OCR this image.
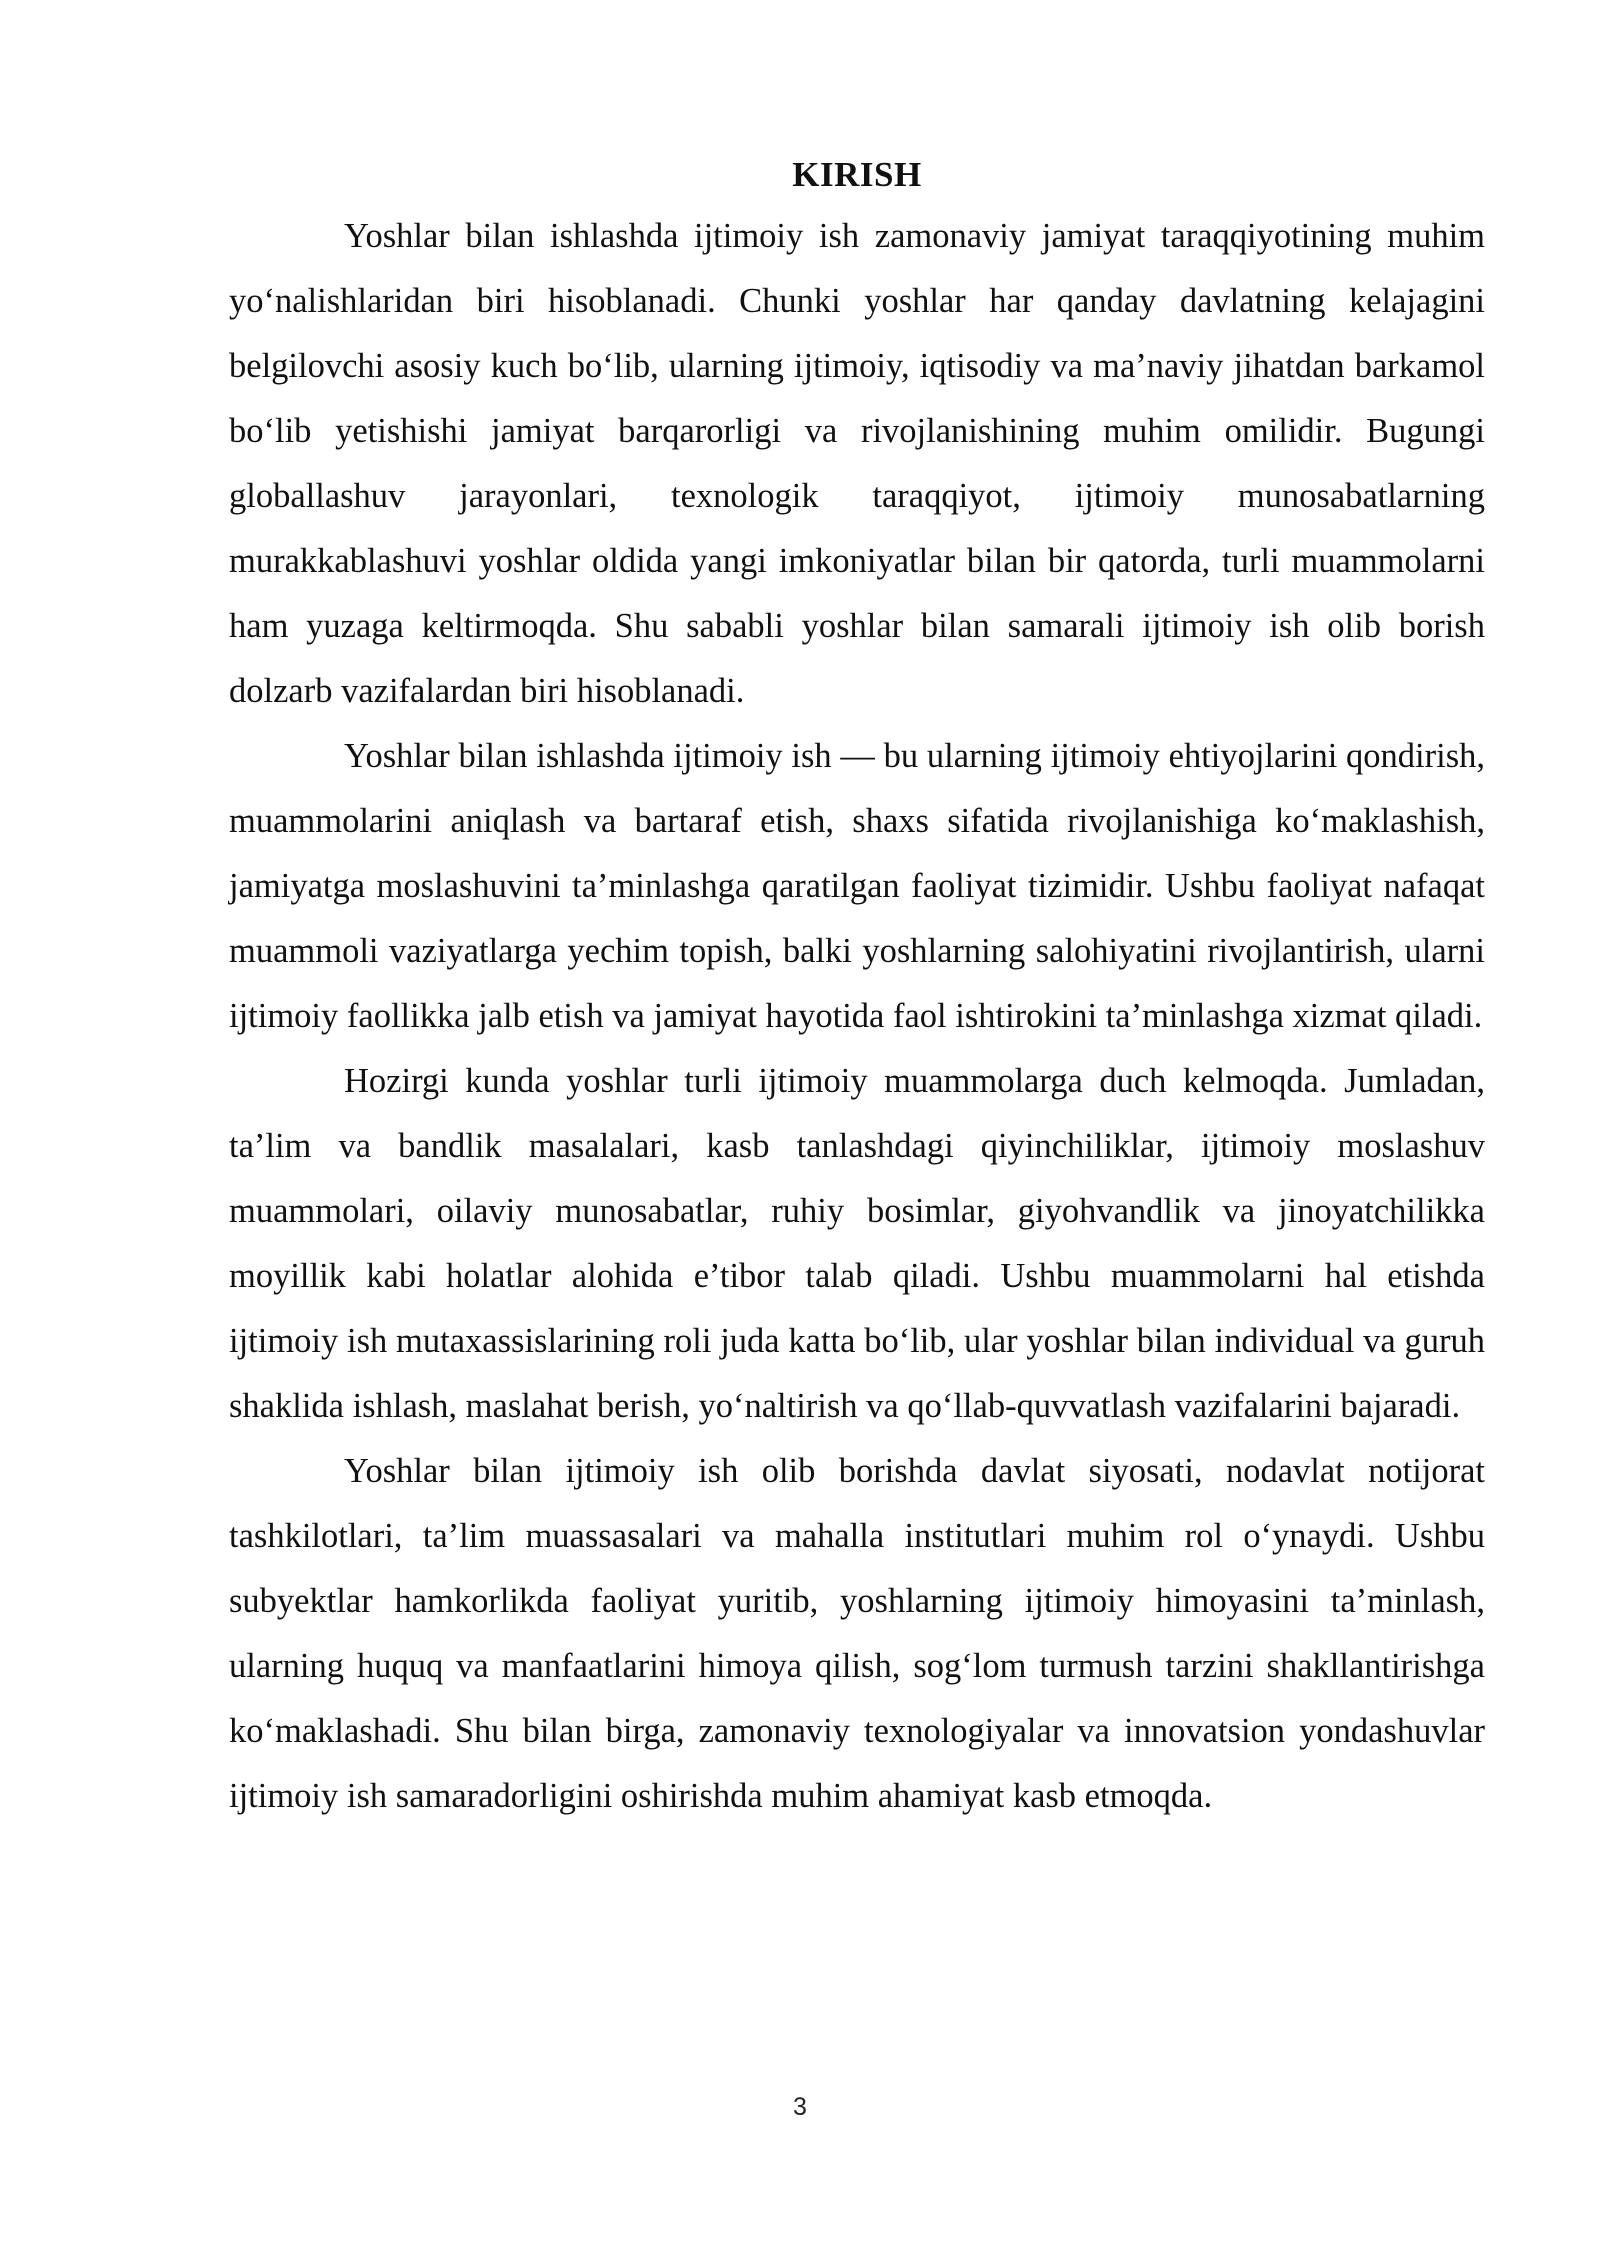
KIRISH

Yoshlar bilan ishlashda ijtimoiy ish zamonaviy jamiyat taraqqiyotining muhim yo‘nalishlaridan biri hisoblanadi. Chunki yoshlar har qanday davlatning kelajagini belgilovchi asosiy kuch bo‘lib, ularning ijtimoiy, iqtisodiy va ma’naviy jihatdan barkamol bo‘lib yetishishi jamiyat barqarorligi va rivojlanishining muhim omilidir. Bugungi globallashuv jarayonlari, texnologik taraqqiyot, ijtimoiy munosabatlarning murakkablashuvi yoshlar oldida yangi imkoniyatlar bilan bir qatorda, turli muammolarni ham yuzaga keltirmoqda. Shu sababli yoshlar bilan samarali ijtimoiy ish olib borish dolzarb vazifalardan biri hisoblanadi.

Yoshlar bilan ishlashda ijtimoiy ish — bu ularning ijtimoiy ehtiyojlarini qondirish, muammolarini aniqlash va bartaraf etish, shaxs sifatida rivojlanishiga ko‘maklashish, jamiyatga moslashuvini ta’minlashga qaratilgan faoliyat tizimidir. Ushbu faoliyat nafaqat muammoli vaziyatlarga yechim topish, balki yoshlarning salohiyatini rivojlantirish, ularni ijtimoiy faollikka jalb etish va jamiyat hayotida faol ishtirokini ta’minlashga xizmat qiladi.

Hozirgi kunda yoshlar turli ijtimoiy muammolarga duch kelmoqda. Jumladan, ta’lim va bandlik masalalari, kasb tanlashdagi qiyinchiliklar, ijtimoiy moslashuv muammolari, oilaviy munosabatlar, ruhiy bosimlar, giyohvandlik va jinoyatchilikka moyillik kabi holatlar alohida e’tibor talab qiladi. Ushbu muammolarni hal etishda ijtimoiy ish mutaxassislarining roli juda katta bo‘lib, ular yoshlar bilan individual va guruh shaklida ishlash, maslahat berish, yo‘naltirish va qo‘llab-quvvatlash vazifalarini bajaradi.

Yoshlar bilan ijtimoiy ish olib borishda davlat siyosati, nodavlat notijorat tashkilotlari, ta’lim muassasalari va mahalla institutlari muhim rol o‘ynaydi. Ushbu subyektlar hamkorlikda faoliyat yuritib, yoshlarning ijtimoiy himoyasini ta’minlash, ularning huquq va manfaatlarini himoya qilish, sog‘lom turmush tarzini shakllantirishga ko‘maklashadi. Shu bilan birga, zamonaviy texnologiyalar va innovatsion yondashuvlar ijtimoiy ish samaradorligini oshirishda muhim ahamiyat kasb etmoqda.

3
